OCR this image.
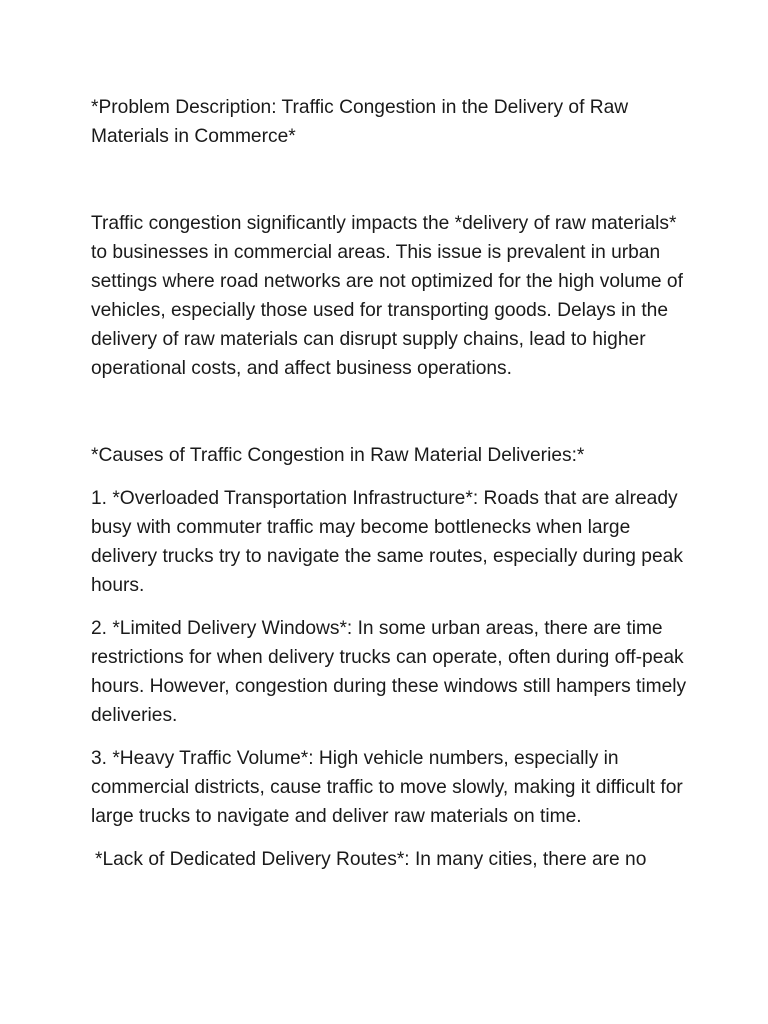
*Problem Description: Traffic Congestion in the Delivery of Raw Materials in Commerce*

Traffic congestion significantly impacts the *delivery of raw materials* to businesses in commercial areas. This issue is prevalent in urban settings where road networks are not optimized for the high volume of vehicles, especially those used for transporting goods. Delays in the delivery of raw materials can disrupt supply chains, lead to higher operational costs, and affect business operations.

*Causes of Traffic Congestion in Raw Material Deliveries:*

1. *Overloaded Transportation Infrastructure*: Roads that are already busy with commuter traffic may become bottlenecks when large delivery trucks try to navigate the same routes, especially during peak hours.

2. *Limited Delivery Windows*: In some urban areas, there are time restrictions for when delivery trucks can operate, often during off-peak hours. However, congestion during these windows still hampers timely deliveries.

3. *Heavy Traffic Volume*: High vehicle numbers, especially in commercial districts, cause traffic to move slowly, making it difficult for large trucks to navigate and deliver raw materials on time.

*Lack of Dedicated Delivery Routes*: In many cities, there are no
